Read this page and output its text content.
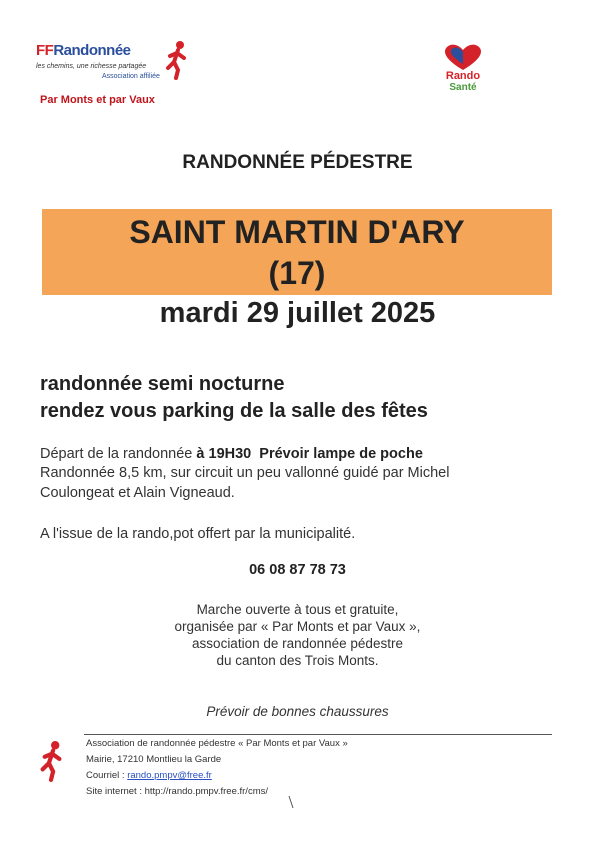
FFRandonnée
les chemins, une richesse partagée
Association affiliée
Par Monts et par Vaux
Rando
Santé
RANDONNÉE PÉDESTRE
SAINT MARTIN D'ARY
(17)
mardi 29 juillet 2025
randonnée semi nocturne
rendez vous parking de la salle des fêtes
Départ de la randonnée à 19H30 Prévoir lampe de poche
Randonnée 8,5 km, sur circuit un peu vallonné guidé par Michel
Coulongeat et Alain Vigneaud.
A l'issue de la rando,pot offert par la municipalité.
06 08 87 78 73
Marche ouverte à tous et gratuite,
organisée par « Par Monts et par Vaux »,
association de randonnée pédestre
du canton des Trois Monts.
Prévoir de bonnes chaussures
Association de randonnée pédestre « Par Monts et par Vaux »
Mairie, 17210 Montlieu la Garde
Courriel : rando.pmpv@free.fr
Site internet : http://rando.pmpv.free.fr/cms/
